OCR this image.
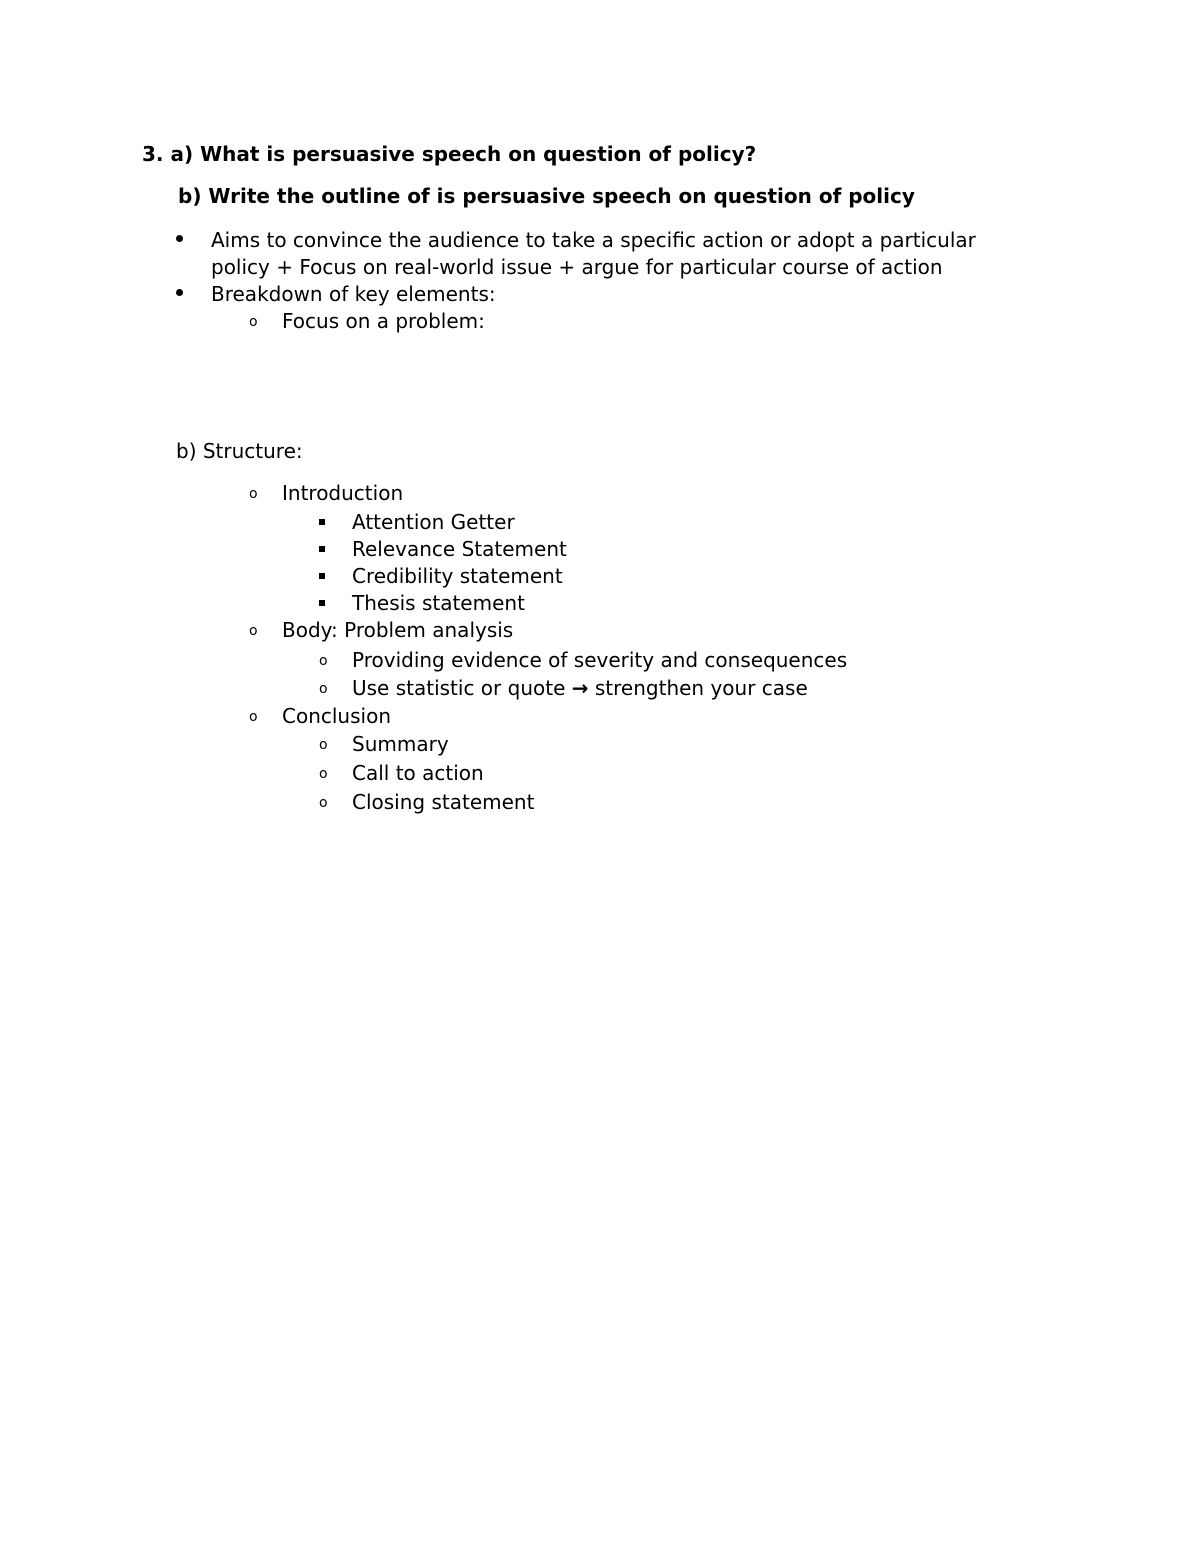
3. a) What is persuasive speech on question of policy?
b) Write the outline of is persuasive speech on question of policy
Aims to convince the audience to take a specific action or adopt a particular
policy + Focus on real-world issue + argue for particular course of action
Breakdown of key elements:
o Focus on a problem:
b) Structure:
o Introduction
Attention Getter
Relevance Statement
Credibility statement
Thesis statement
o Body: Problem analysis
o Providing evidence of severity and consequences
o Use statistic or quote → strengthen your case
o Conclusion
o Summary
o Call to action
o Closing statement
